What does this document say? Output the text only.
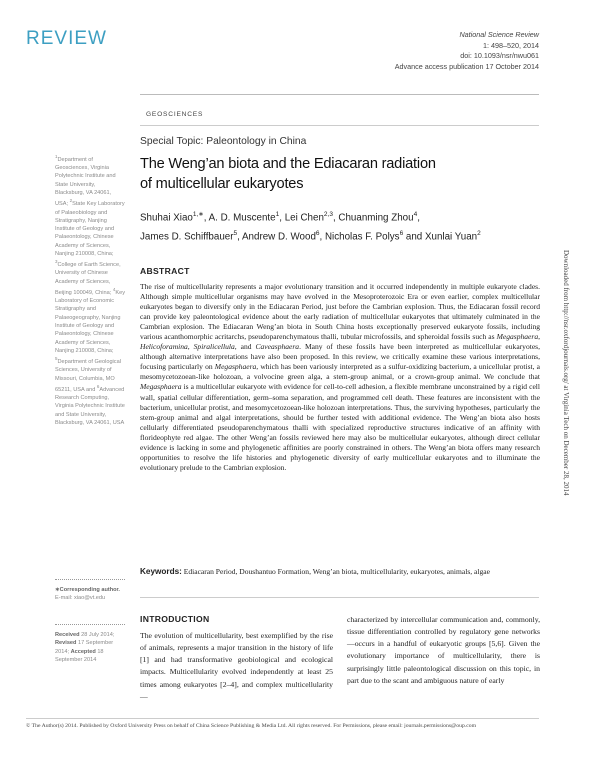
REVIEW	National Science Review
1: 498–520, 2014
doi: 10.1093/nsr/nwu061
Advance access publication 17 October 2014
GEOSCIENCES
Special Topic: Paleontology in China
The Weng’an biota and the Ediacaran radiation
of multicellular eukaryotes
Shuhai Xiao$^{1,∗}$, A. D. Muscente$^1$, Lei Chen$^{2,3}$, Chuanming Zhou$^4$,
James D. Schiffbauer$^5$, Andrew D. Wood$^6$, Nicholas F. Polys$^6$ and Xunlai Yuan$^2$
$^1$Department of Geosciences, Virginia Polytechnic Institute and State University, Blacksburg, VA 24061, USA; $^2$State Key Laboratory of Palaeobiology and Stratigraphy, Nanjing Institute of Geology and Palaeontology, Chinese Academy of Sciences, Nanjing 210008, China; $^3$College of Earth Science, University of Chinese Academy of Sciences, Beijing 100049, China; $^4$Key Laboratory of Economic Stratigraphy and Palaeogeography, Nanjing Institute of Geology and Palaeontology, Chinese Academy of Sciences, Nanjing 210008, China; $^5$Department of Geological Sciences, University of Missouri, Columbia, MO 65211, USA and $^6$Advanced Research Computing, Virginia Polytechnic Institute and State University, Blacksburg, VA 24061, USA
∗Corresponding author. E-mail: xiao@vt.edu
Received 28 July 2014; Revised 17 September 2014; Accepted 18 September 2014
ABSTRACT
The rise of multicellularity represents a major evolutionary transition and it occurred independently in multiple eukaryote clades. Although simple multicellular organisms may have evolved in the Mesoproterozoic Era or even earlier, complex multicellular eukaryotes began to diversify only in the Ediacaran Period, just before the Cambrian explosion. Thus, the Ediacaran fossil record can provide key paleontological evidence about the early radiation of multicellular eukaryotes that ultimately culminated in the Cambrian explosion. The Ediacaran Weng’an biota in South China hosts exceptionally preserved eukaryote fossils, including various acanthomorphic acritarchs, pseudoparenchymatous thalli, tubular microfossils, and spheroidal fossils such as Megasphaera, Helicoforamina, Spiralicellula, and Caveasphaera. Many of these fossils have been interpreted as multicellular eukaryotes, although alternative interpretations have also been proposed. In this review, we critically examine these various interpretations, focusing particularly on Megasphaera, which has been variously interpreted as a sulfur-oxidizing bacterium, a unicellular protist, a mesomycetozoean-like holozoan, a volvocine green alga, a stem-group animal, or a crown-group animal. We conclude that Megasphaera is a multicellular eukaryote with evidence for cell-to-cell adhesion, a flexible membrane unconstrained by a rigid cell wall, spatial cellular differentiation, germ–soma separation, and programmed cell death. These features are inconsistent with the bacterium, unicellular protist, and mesomycetozoean-like holozoan interpretations. Thus, the surviving hypotheses, particularly the stem-group animal and algal interpretations, should be further tested with additional evidence. The Weng’an biota also hosts cellularly differentiated pseudoparenchymatous thalli with specialized reproductive structures indicative of an affinity with florideophyte red algae. The other Weng’an fossils reviewed here may also be multicellular eukaryotes, although direct cellular evidence is lacking in some and phylogenetic affinities are poorly constrained in others. The Weng’an biota offers many research opportunities to resolve the life histories and phylogenetic diversity of early multicellular eukaryotes and to illuminate the evolutionary prelude to the Cambrian explosion.
Keywords: Ediacaran Period, Doushantuo Formation, Weng’an biota, multicellularity, eukaryotes, animals, algae
INTRODUCTION
The evolution of multicellularity, best exemplified by the rise of animals, represents a major transition in the history of life [1] and had transformative geobiological and ecological impacts. Multicellularity evolved independently at least 25 times among eukaryotes [2–4], and complex multicellularity—
characterized by intercellular communication and, commonly, tissue differentiation controlled by regulatory gene networks—occurs in a handful of eukaryotic groups [5,6]. Given the evolutionary importance of multicellularity, there is surprisingly little paleontological discussion on this topic, in part due to the scant and ambiguous nature of early
© The Author(s) 2014. Published by Oxford University Press on behalf of China Science Publishing & Media Ltd. All rights reserved. For Permissions, please email: journals.permissions@oup.com
Downloaded from http://nsr.oxfordjournals.org/ at Virginia Tech on December 28, 2014
